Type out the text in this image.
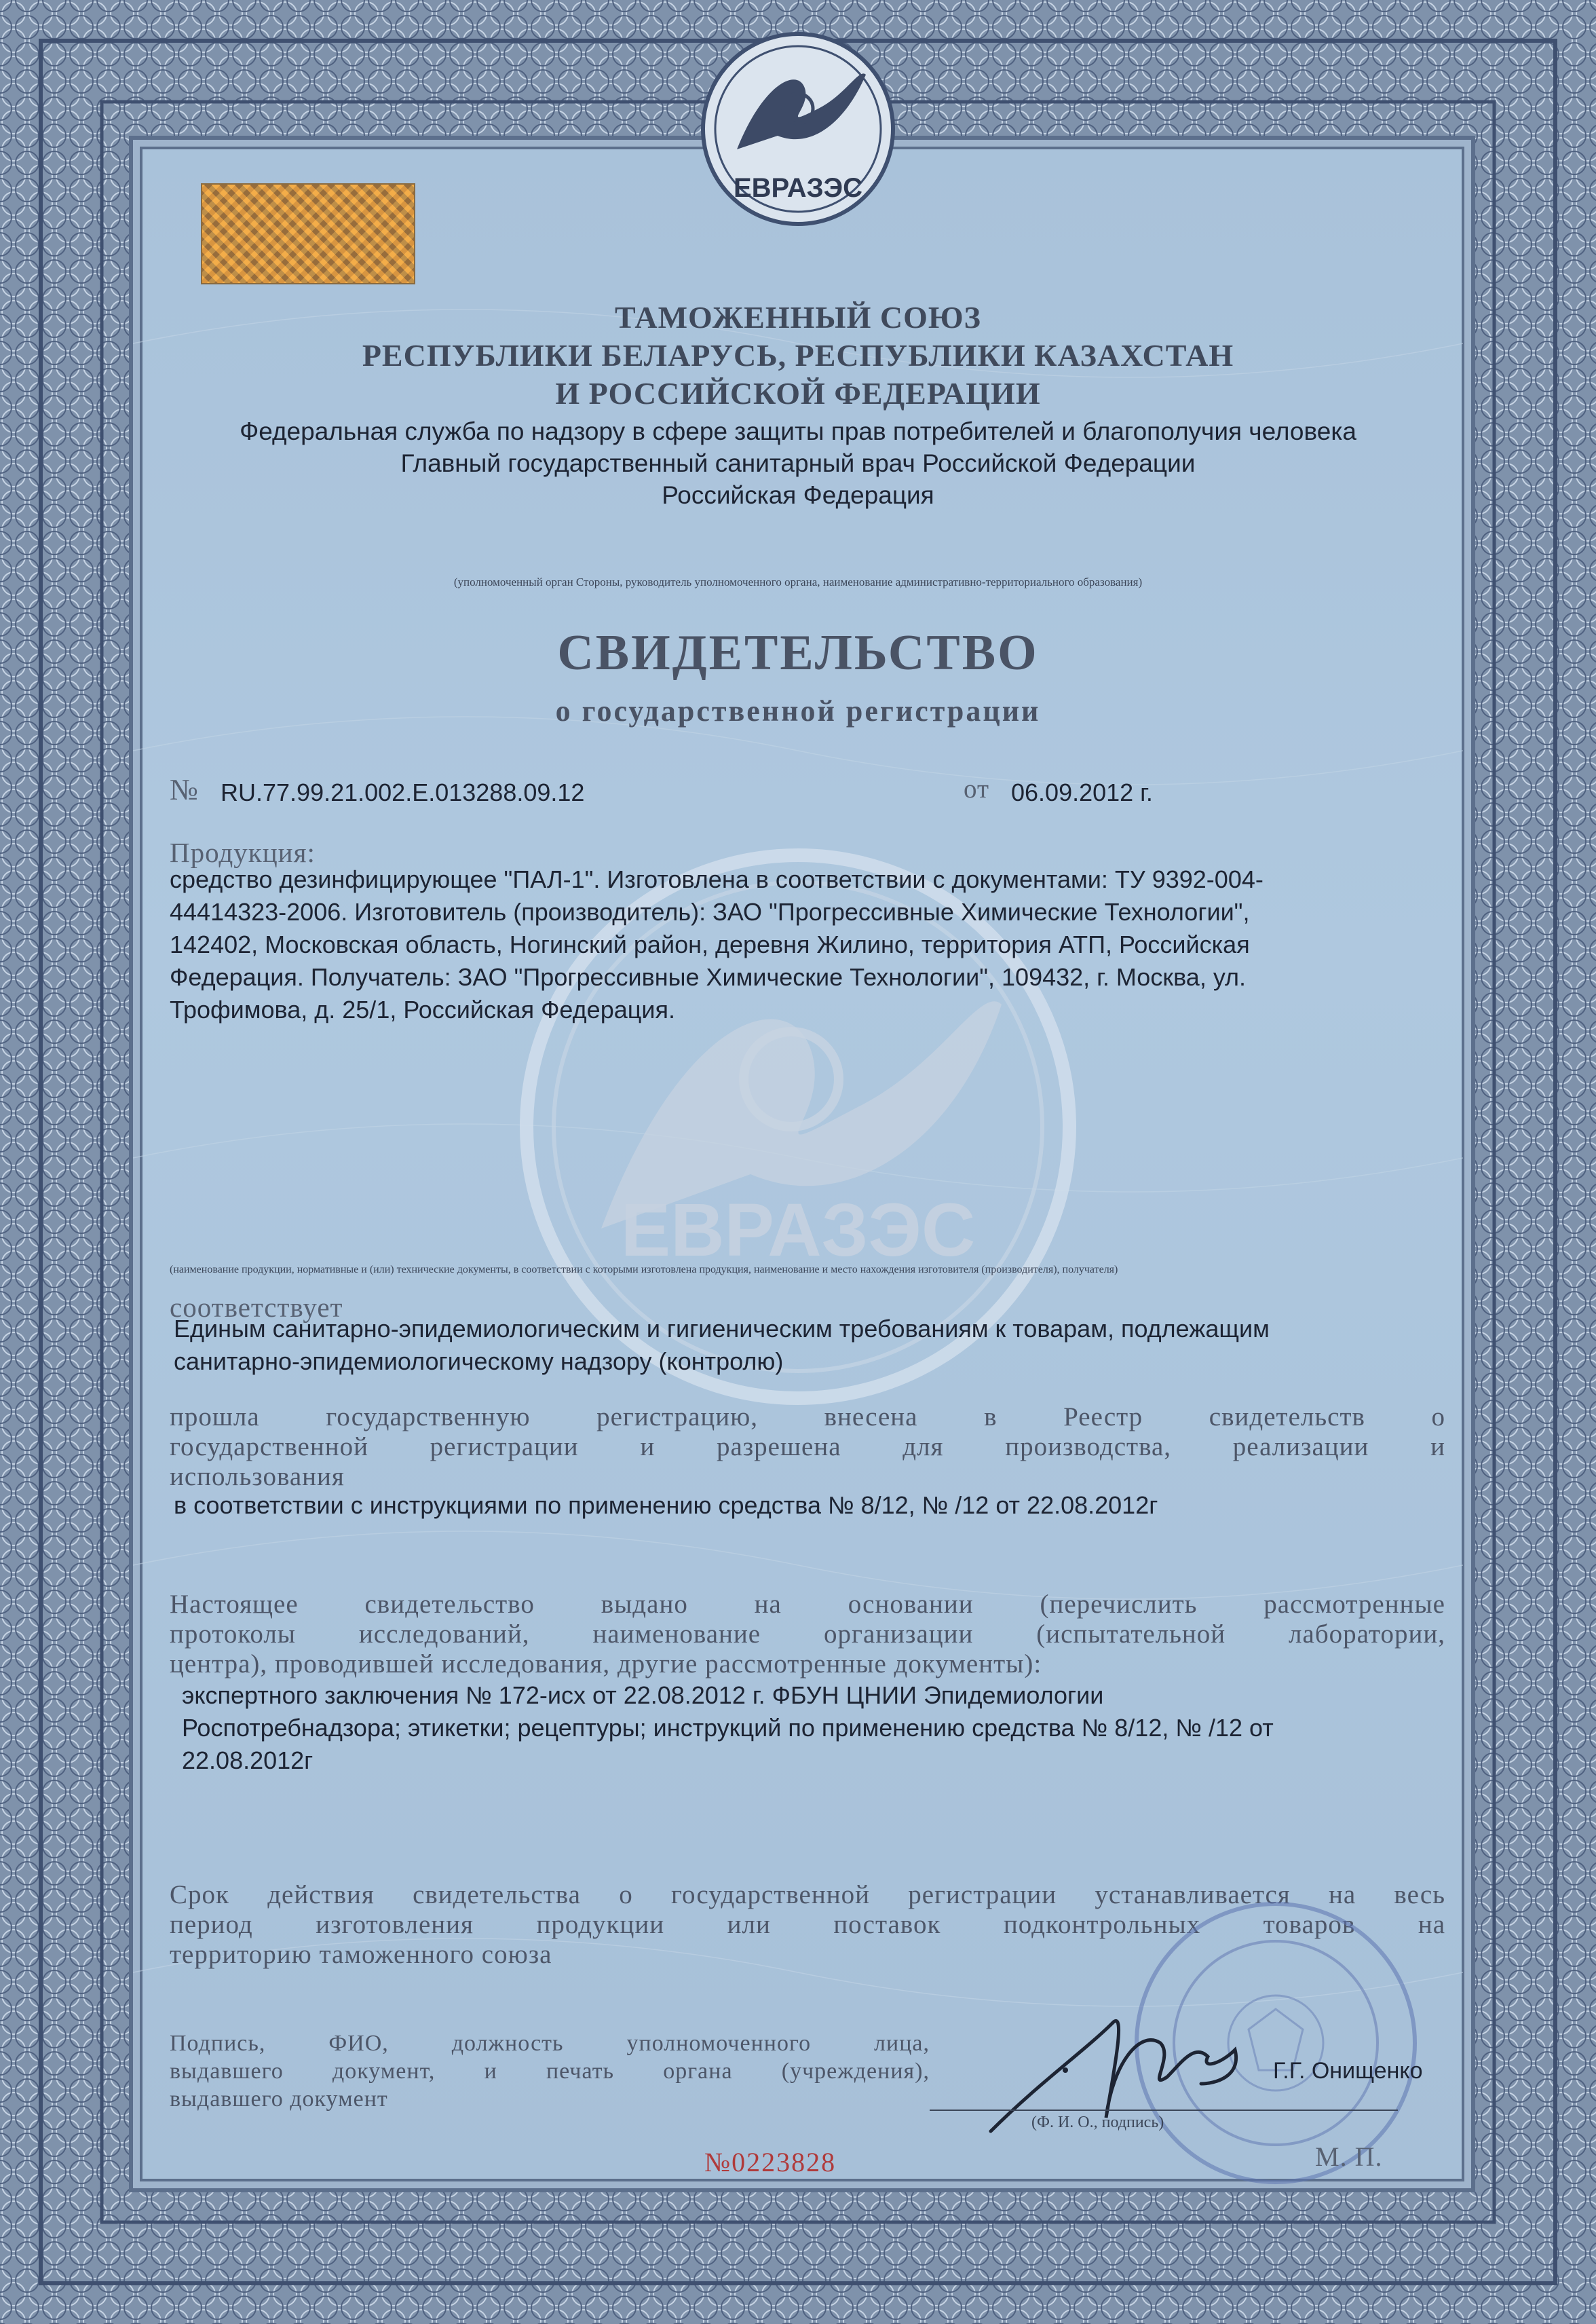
ЕВРАЗЭС
ЕВРАЗЭС
ТАМОЖЕННЫЙ СОЮЗ
РЕСПУБЛИКИ БЕЛАРУСЬ, РЕСПУБЛИКИ КАЗАХСТАН
И РОССИЙСКОЙ ФЕДЕРАЦИИ
Федеральная служба по надзору в сфере защиты прав потребителей и благополучия человека
Главный государственный санитарный врач Российской Федерации
Российская Федерация
(уполномоченный орган Стороны, руководитель уполномоченного органа, наименование административно-территориального образования)
СВИДЕТЕЛЬСТВО
о государственной регистрации
№ RU.77.99.21.002.Е.013288.09.12	от 06.09.2012 г.
Продукция:
средство дезинфицирующее "ПАЛ-1". Изготовлена в соответствии с документами: ТУ 9392-004-
44414323-2006. Изготовитель (производитель): ЗАО "Прогрессивные Химические Технологии",
142402, Московская область, Ногинский район, деревня Жилино, территория АТП, Российская
Федерация. Получатель: ЗАО "Прогрессивные Химические Технологии", 109432, г. Москва, ул.
Трофимова, д. 25/1, Российская Федерация.
(наименование продукции, нормативные и (или) технические документы, в соответствии с которыми изготовлена продукция, наименование и место нахождения изготовителя (производителя), получателя)
соответствует
Единым санитарно-эпидемиологическим и гигиеническим требованиям к товарам, подлежащим
санитарно-эпидемиологическому надзору (контролю)
прошла государственную регистрацию, внесена в Реестр свидетельств о
государственной регистрации и разрешена для производства, реализации и
использования
в соответствии с инструкциями по применению средства № 8/12, № /12 от 22.08.2012г
Настоящее свидетельство выдано на основании (перечислить рассмотренные
протоколы исследований, наименование организации (испытательной лаборатории,
центра), проводившей исследования, другие рассмотренные документы):
экспертного заключения № 172-исх от 22.08.2012 г. ФБУН ЦНИИ Эпидемиологии
Роспотребнадзора; этикетки; рецептуры; инструкций по применению средства № 8/12, № /12 от
22.08.2012г
Срок действия свидетельства о государственной регистрации устанавливается на весь
период изготовления продукции или поставок подконтрольных товаров на
территорию таможенного союза
Подпись, ФИО, должность уполномоченного лица,
выдавшего документ, и печать органа (учреждения),
выдавшего документ
Г.Г. Онищенко
(Ф. И. О., подпись)
М. П.
№0223828
